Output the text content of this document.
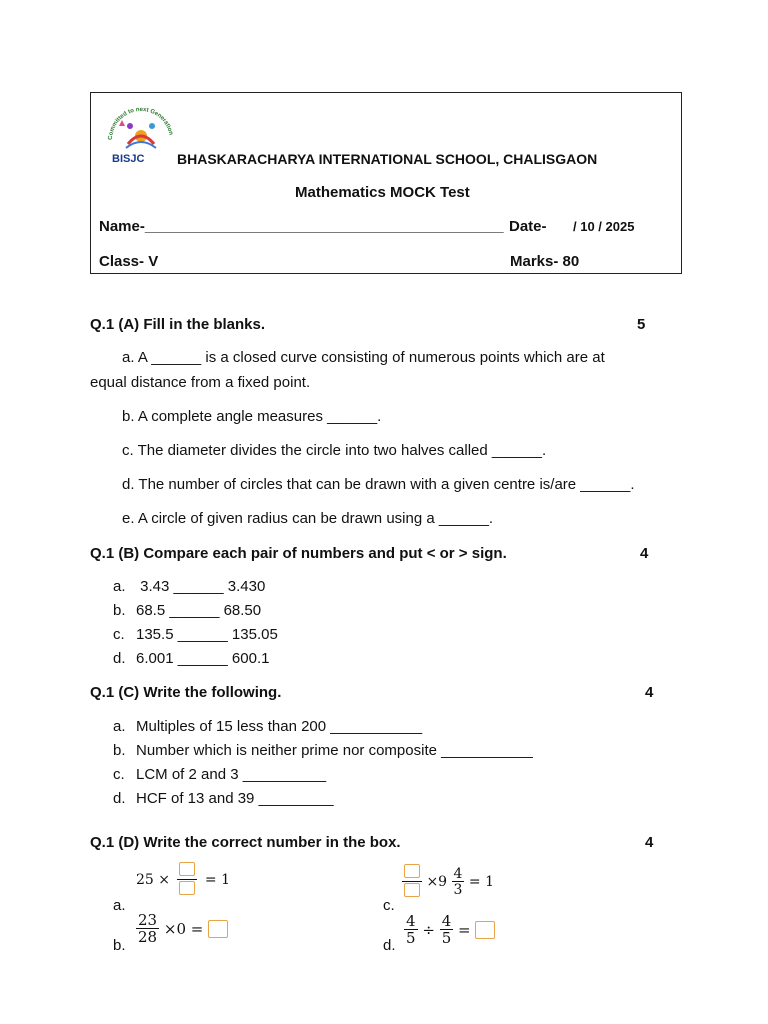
Committed to next Generation
BISJC BHASKARACHARYA INTERNATIONAL SCHOOL, CHALISGAON
Mathematics MOCK Test
Name-___________________________________________ Date- / 10 / 2025
Class- V	Marks- 80
Q.1 (A) Fill in the blanks.	5
a. A ______ is a closed curve consisting of numerous points which are at
equal distance from a fixed point.
b. A complete angle measures ______.
c. The diameter divides the circle into two halves called ______.
d. The number of circles that can be drawn with a given centre is/are ______.
e. A circle of given radius can be drawn using a ______.
Q.1 (B) Compare each pair of numbers and put < or > sign.	4
a. 3.43 ______ 3.430
b. 68.5 ______ 68.50
c. 135.5 ______ 135.05
d. 6.001 ______ 600.1
Q.1 (C) Write the following.	4
a. Multiples of 15 less than 200 ___________
b. Number which is neither prime nor composite ___________
c. LCM of 2 and 3 __________
d. HCF of 13 and 39 _________
Q.1 (D) Write the correct number in the box.	4
a.
25 × = 1
b.
$\frac{23}{28} \times 0$ =
c.
$\times 9 \frac{4}{3} = 1$
d. $\frac{4}{5} \div \frac{4}{5}$ =
